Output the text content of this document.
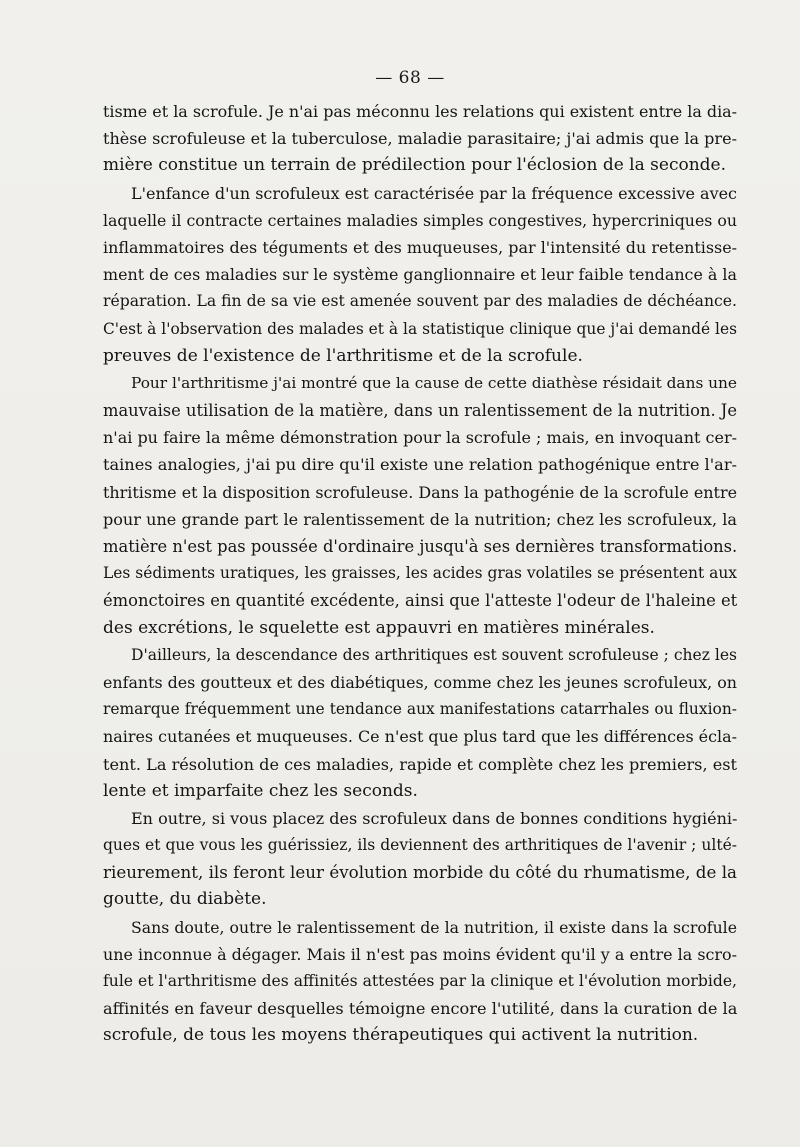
— 68 —
tisme et la scrofule. Je n'ai pas méconnu les relations qui existent entre la dia-
thèse scrofuleuse et la tuberculose, maladie parasitaire; j'ai admis que la pre-
mière constitue un terrain de prédilection pour l'éclosion de la seconde.
L'enfance d'un scrofuleux est caractérisée par la fréquence excessive avec
laquelle il contracte certaines maladies simples congestives, hypercriniques ou
inflammatoires des téguments et des muqueuses, par l'intensité du retentisse-
ment de ces maladies sur le système ganglionnaire et leur faible tendance à la
réparation. La fin de sa vie est amenée souvent par des maladies de déchéance.
C'est à l'observation des malades et à la statistique clinique que j'ai demandé les
preuves de l'existence de l'arthritisme et de la scrofule.
Pour l'arthritisme j'ai montré que la cause de cette diathèse résidait dans une
mauvaise utilisation de la matière, dans un ralentissement de la nutrition. Je
n'ai pu faire la même démonstration pour la scrofule ; mais, en invoquant cer-
taines analogies, j'ai pu dire qu'il existe une relation pathogénique entre l'ar-
thritisme et la disposition scrofuleuse. Dans la pathogénie de la scrofule entre
pour une grande part le ralentissement de la nutrition; chez les scrofuleux, la
matière n'est pas poussée d'ordinaire jusqu'à ses dernières transformations.
Les sédiments uratiques, les graisses, les acides gras volatiles se présentent aux
émonctoires en quantité excédente, ainsi que l'atteste l'odeur de l'haleine et
des excrétions, le squelette est appauvri en matières minérales.
D'ailleurs, la descendance des arthritiques est souvent scrofuleuse ; chez les
enfants des goutteux et des diabétiques, comme chez les jeunes scrofuleux, on
remarque fréquemment une tendance aux manifestations catarrhales ou fluxion-
naires cutanées et muqueuses. Ce n'est que plus tard que les différences écla-
tent. La résolution de ces maladies, rapide et complète chez les premiers, est
lente et imparfaite chez les seconds.
En outre, si vous placez des scrofuleux dans de bonnes conditions hygiéni-
ques et que vous les guérissiez, ils deviennent des arthritiques de l'avenir ; ulté-
rieurement, ils feront leur évolution morbide du côté du rhumatisme, de la
goutte, du diabète.
Sans doute, outre le ralentissement de la nutrition, il existe dans la scrofule
une inconnue à dégager. Mais il n'est pas moins évident qu'il y a entre la scro-
fule et l'arthritisme des affinités attestées par la clinique et l'évolution morbide,
affinités en faveur desquelles témoigne encore l'utilité, dans la curation de la
scrofule, de tous les moyens thérapeutiques qui activent la nutrition.
